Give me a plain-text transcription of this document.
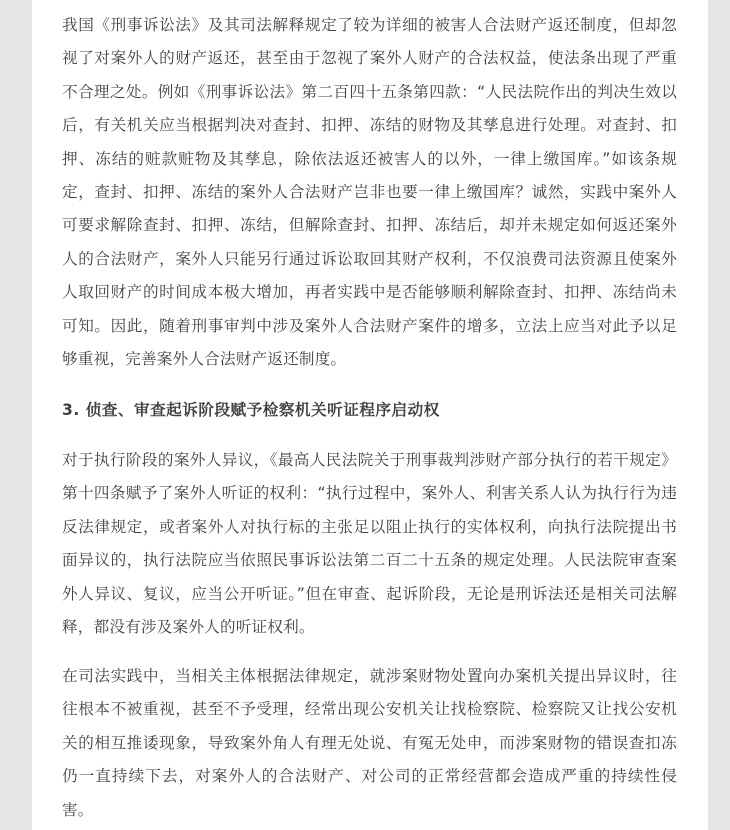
我国《刑事诉讼法》及其司法解释规定了较为详细的被害人合法财产返还制度，但却忽视了对案外人的财产返还，甚至由于忽视了案外人财产的合法权益，使法条出现了严重不合理之处。例如《刑事诉讼法》第二百四十五条第四款：“人民法院作出的判决生效以后，有关机关应当根据判决对查封、扣押、冻结的财物及其孳息进行处理。对查封、扣押、冻结的赃款赃物及其孳息，除依法返还被害人的以外，一律上缴国库。”如该条规定，查封、扣押、冻结的案外人合法财产岂非也要一律上缴国库？诚然，实践中案外人可要求解除查封、扣押、冻结，但解除查封、扣押、冻结后，却并未规定如何返还案外人的合法财产，案外人只能另行通过诉讼取回其财产权利，不仅浪费司法资源且使案外人取回财产的时间成本极大增加，再者实践中是否能够顺利解除查封、扣押、冻结尚未可知。因此，随着刑事审判中涉及案外人合法财产案件的增多，立法上应当对此予以足够重视，完善案外人合法财产返还制度。

3. 侦查、审查起诉阶段赋予检察机关听证程序启动权

对于执行阶段的案外人异议，《最高人民法院关于刑事裁判涉财产部分执行的若干规定》第十四条赋予了案外人听证的权利：“执行过程中，案外人、利害关系人认为执行行为违反法律规定，或者案外人对执行标的主张足以阻止执行的实体权利，向执行法院提出书面异议的，执行法院应当依照民事诉讼法第二百二十五条的规定处理。人民法院审查案外人异议、复议，应当公开听证。”但在审查、起诉阶段，无论是刑诉法还是相关司法解释，都没有涉及案外人的听证权利。

在司法实践中，当相关主体根据法律规定，就涉案财物处置向办案机关提出异议时，往往根本不被重视，甚至不予受理，经常出现公安机关让找检察院、检察院又让找公安机关的相互推诿现象，导致案外角人有理无处说、有冤无处申，而涉案财物的错误查扣冻仍一直持续下去，对案外人的合法财产、对公司的正常经营都会造成严重的持续性侵害。
